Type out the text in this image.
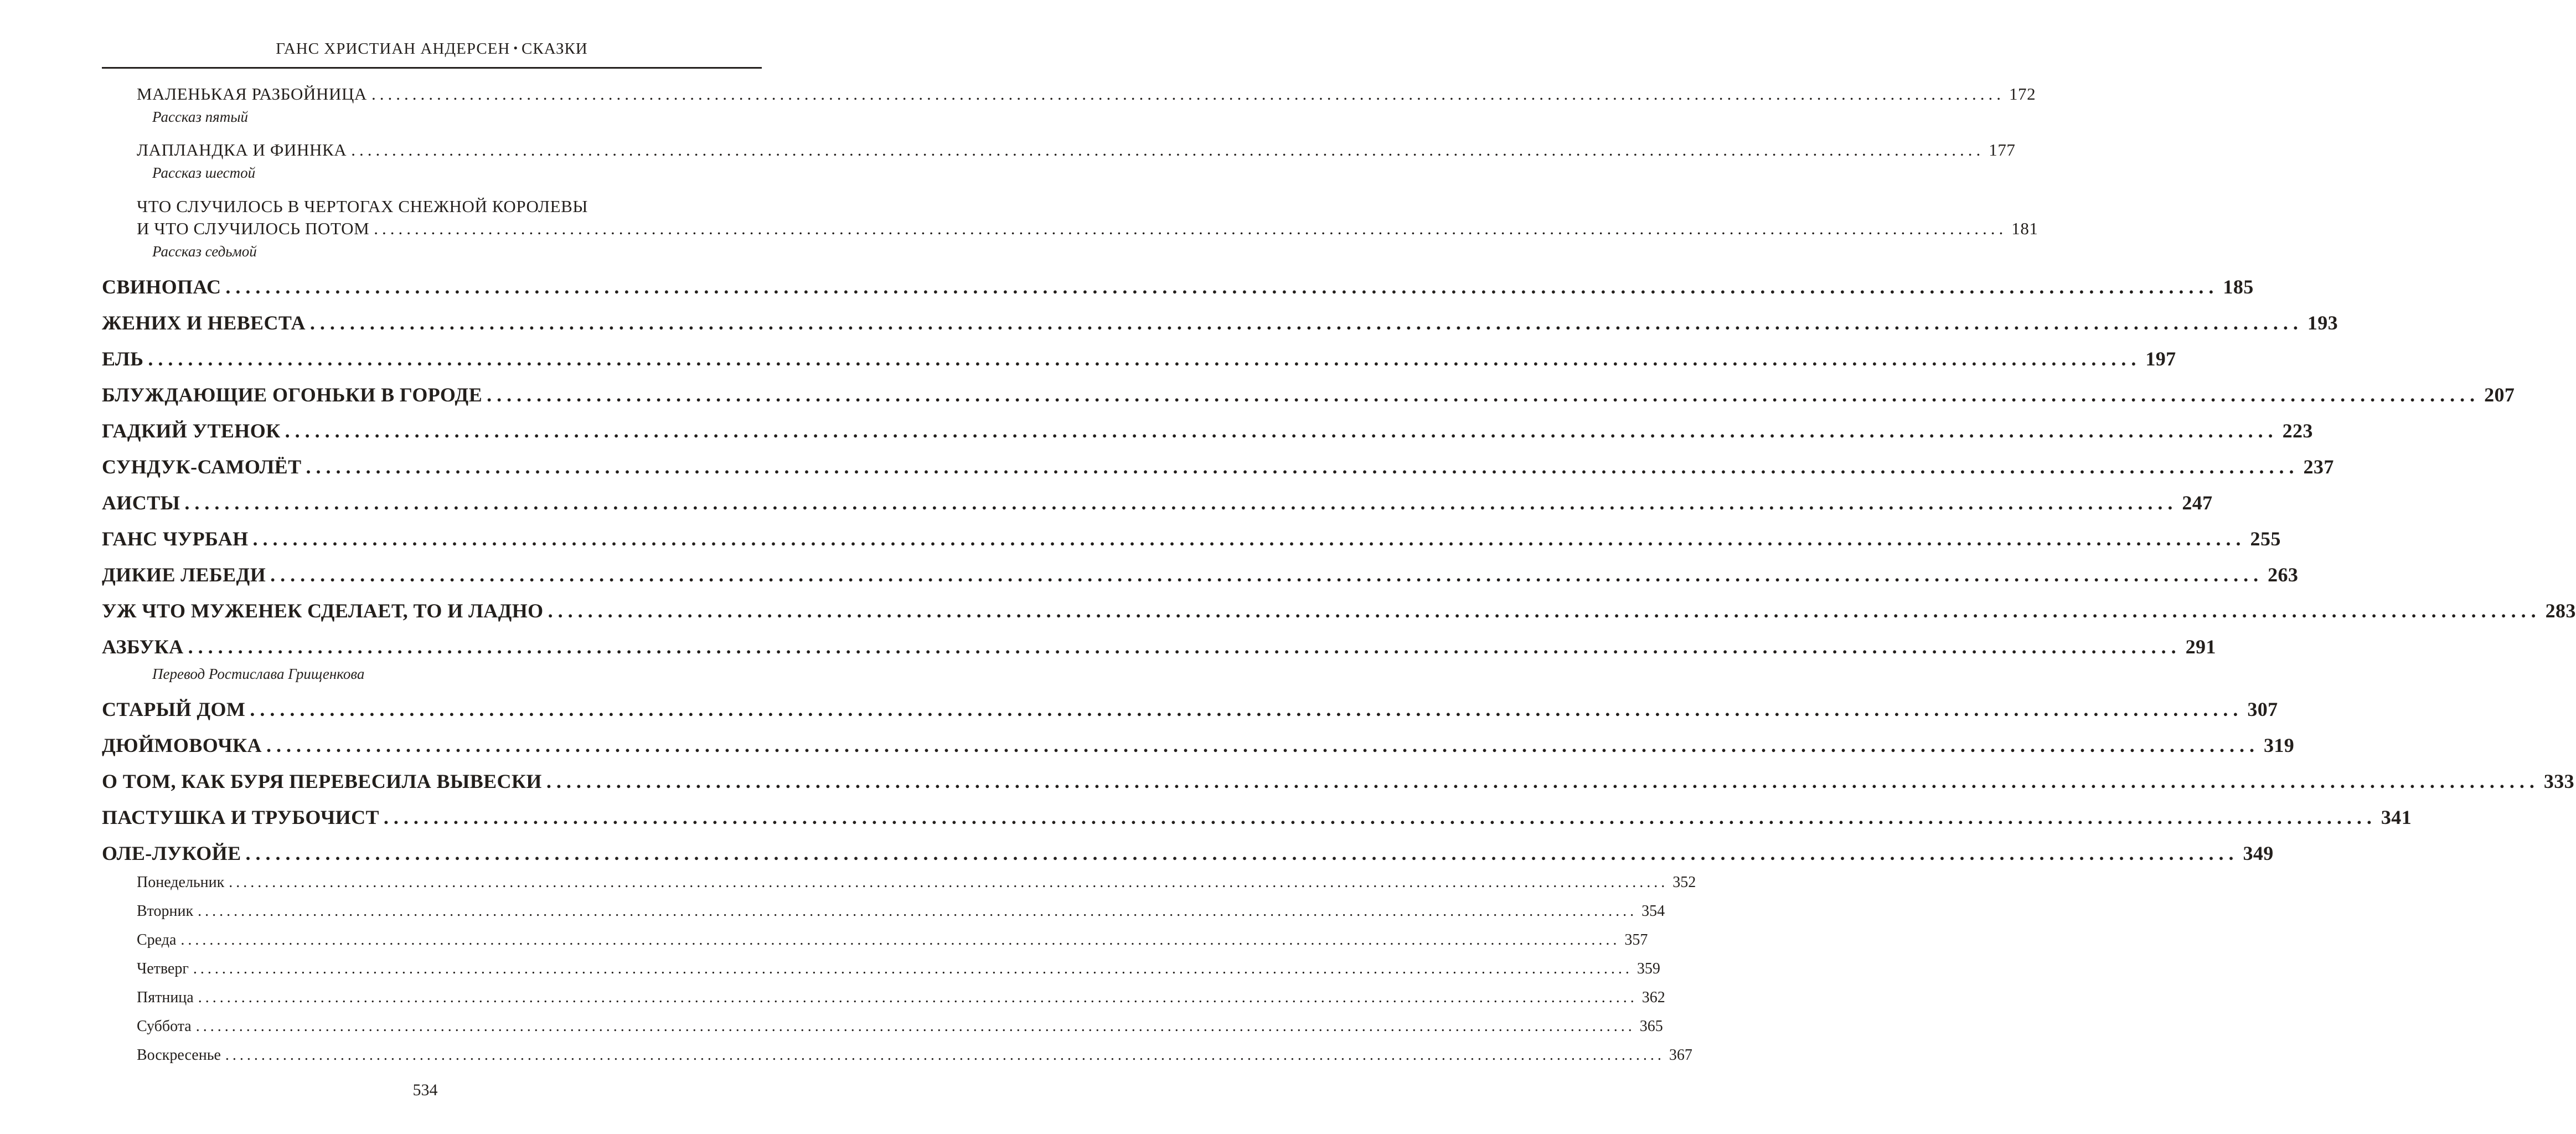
ГАНС ХРИСТИАН АНДЕРСЕН • СКАЗКИ
МАЛЕНЬКАЯ РАЗБОЙНИЦА ........................................................................................................................................................................................................ 172
Рассказ пятый
ЛАПЛАНДКА И ФИННКА ........................................................................................................................................................................................................ 177
Рассказ шестой
ЧТО СЛУЧИЛОСЬ В ЧЕРТОГАХ СНЕЖНОЙ КОРОЛЕВЫ
И ЧТО СЛУЧИЛОСЬ ПОТОМ ........................................................................................................................................................................................................ 181
Рассказ седьмой
СВИНОПАС ........................................................................................................................................................................................................ 185
ЖЕНИХ И НЕВЕСТА ........................................................................................................................................................................................................ 193
ЕЛЬ ........................................................................................................................................................................................................ 197
БЛУЖДАЮЩИЕ ОГОНЬКИ В ГОРОДЕ ........................................................................................................................................................................................................ 207
ГАДКИЙ УТЕНОК ........................................................................................................................................................................................................ 223
СУНДУК-САМОЛЁТ ........................................................................................................................................................................................................ 237
АИСТЫ ........................................................................................................................................................................................................ 247
ГАНС ЧУРБАН ........................................................................................................................................................................................................ 255
ДИКИЕ ЛЕБЕДИ ........................................................................................................................................................................................................ 263
УЖ ЧТО МУЖЕНЕК СДЕЛАЕТ, ТО И ЛАДНО ........................................................................................................................................................................................................ 283
АЗБУКА ........................................................................................................................................................................................................ 291
Перевод Ростислава Грищенкова
СТАРЫЙ ДОМ ........................................................................................................................................................................................................ 307
ДЮЙМОВОЧКА ........................................................................................................................................................................................................ 319
О ТОМ, КАК БУРЯ ПЕРЕВЕСИЛА ВЫВЕСКИ ........................................................................................................................................................................................................ 333
ПАСТУШКА И ТРУБОЧИСТ ........................................................................................................................................................................................................ 341
ОЛЕ-ЛУКОЙЕ ........................................................................................................................................................................................................ 349
Понедельник ........................................................................................................................................................................................................ 352
Вторник ........................................................................................................................................................................................................ 354
Среда ........................................................................................................................................................................................................ 357
Четверг ........................................................................................................................................................................................................ 359
Пятница ........................................................................................................................................................................................................ 362
Суббота ........................................................................................................................................................................................................ 365
Воскресенье ........................................................................................................................................................................................................ 367
534
